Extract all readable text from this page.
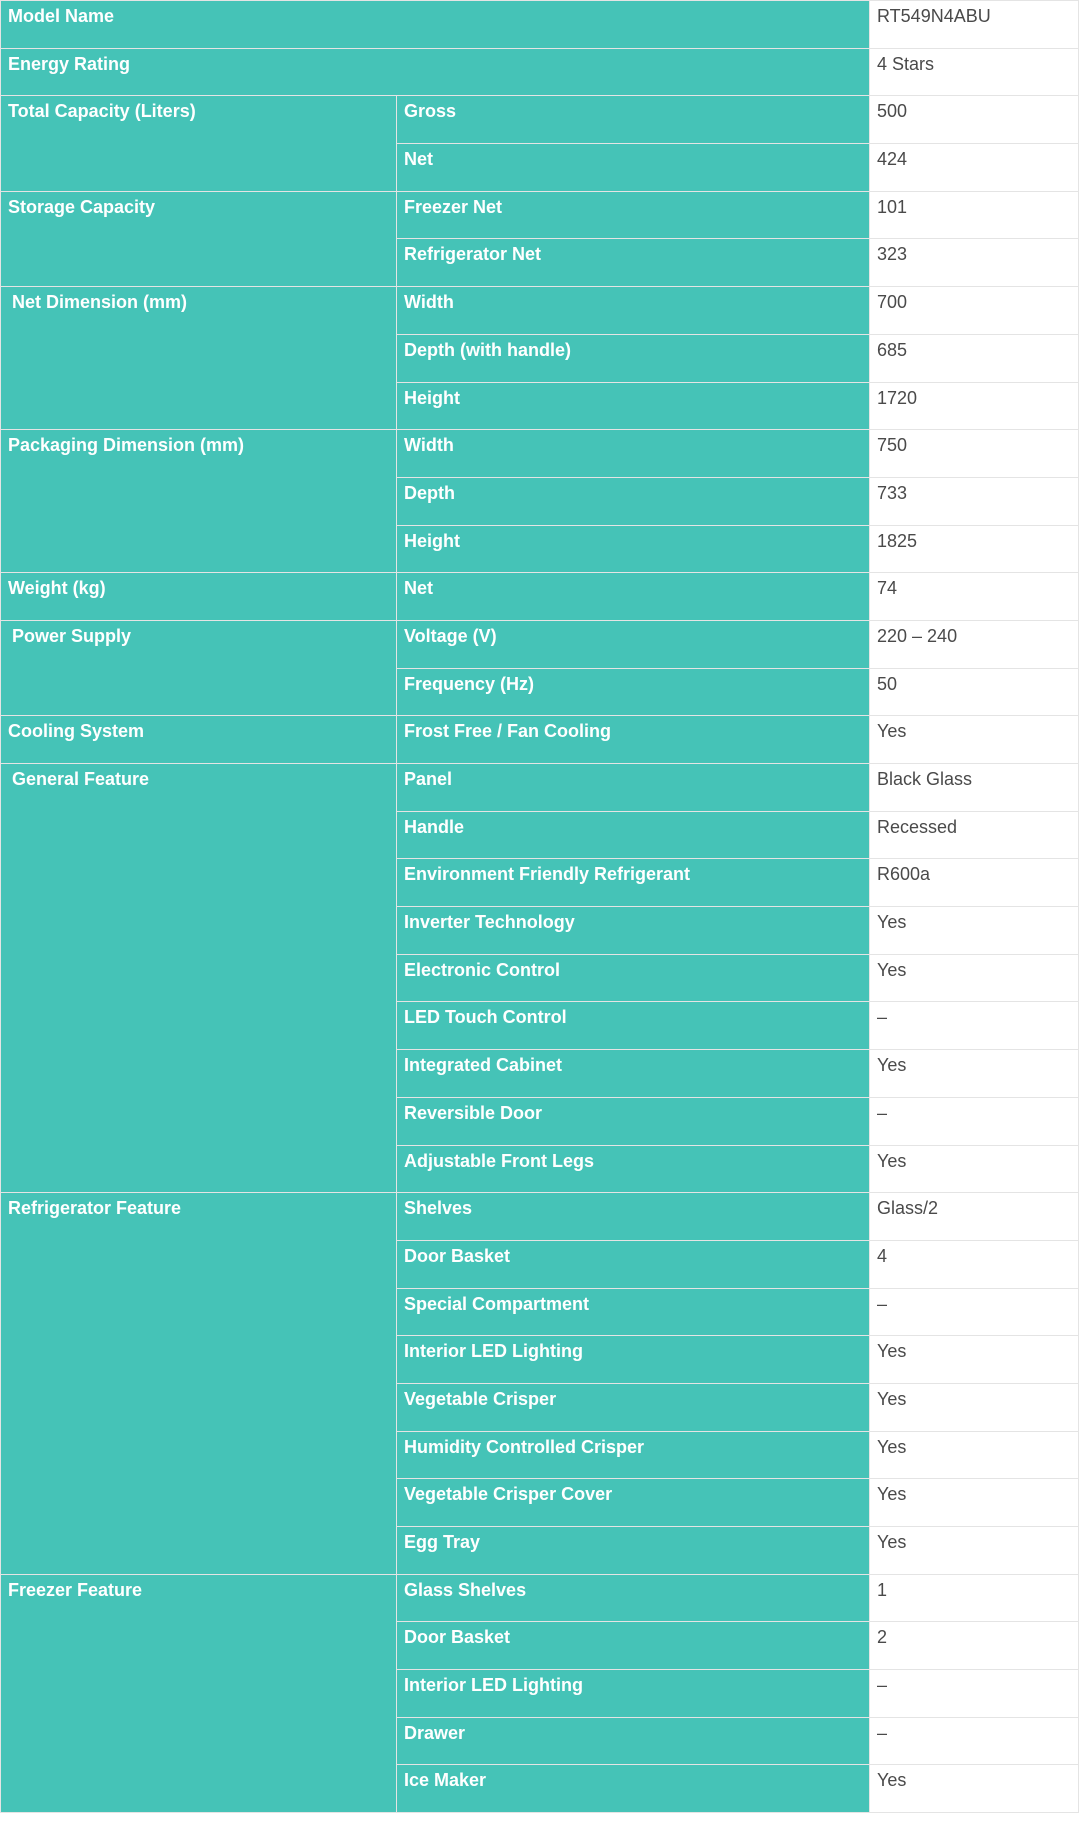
Model Name		RT549N4ABU
Energy Rating		4 Stars
Total Capacity (Liters)	Gross	500
	Net	424
Storage Capacity	Freezer Net	101
	Refrigerator Net	323
Net Dimension (mm)	Width	700
	Depth (with handle)	685
	Height	1720
Packaging Dimension (mm)	Width	750
	Depth	733
	Height	1825
Weight (kg)	Net	74
Power Supply	Voltage (V)	220 – 240
	Frequency (Hz)	50
Cooling System	Frost Free / Fan Cooling	Yes
General Feature	Panel	Black Glass
	Handle	Recessed
	Environment Friendly Refrigerant	R600a
	Inverter Technology	Yes
	Electronic Control	Yes
	LED Touch Control	–
	Integrated Cabinet	Yes
	Reversible Door	–
	Adjustable Front Legs	Yes
Refrigerator Feature	Shelves	Glass/2
	Door Basket	4
	Special Compartment	–
	Interior LED Lighting	Yes
	Vegetable Crisper	Yes
	Humidity Controlled Crisper	Yes
	Vegetable Crisper Cover	Yes
	Egg Tray	Yes
Freezer Feature	Glass Shelves	1
	Door Basket	2
	Interior LED Lighting	–
	Drawer	–
	Ice Maker	Yes
